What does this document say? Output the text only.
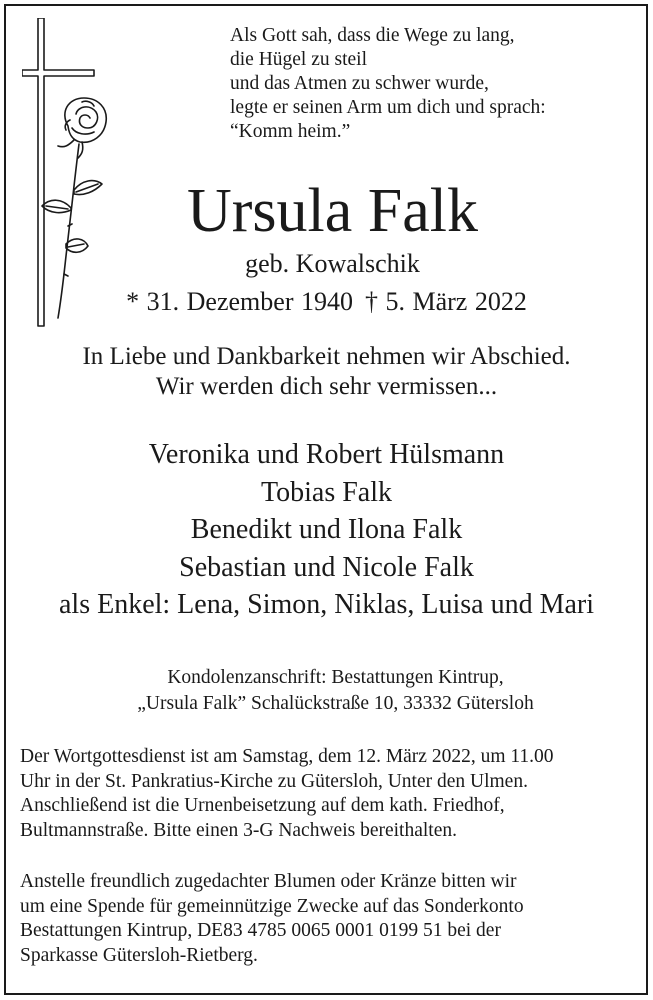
Als Gott sah, dass die Wege zu lang,
die Hügel zu steil
und das Atmen zu schwer wurde,
legte er seinen Arm um dich und sprach:
“Komm heim.”
Ursula Falk
geb. Kowalschik
* 31. Dezember 1940 † 5. März 2022
In Liebe und Dankbarkeit nehmen wir Abschied.
Wir werden dich sehr vermissen...
Veronika und Robert Hülsmann
Tobias Falk
Benedikt und Ilona Falk
Sebastian und Nicole Falk
als Enkel: Lena, Simon, Niklas, Luisa und Mari
Kondolenzanschrift: Bestattungen Kintrup,
„Ursula Falk” Schalückstraße 10, 33332 Gütersloh
Der Wortgottesdienst ist am Samstag, dem 12. März 2022, um 11.00
Uhr in der St. Pankratius-Kirche zu Gütersloh, Unter den Ulmen.
Anschließend ist die Urnenbeisetzung auf dem kath. Friedhof,
Bultmannstraße. Bitte einen 3-G Nachweis bereithalten.
Anstelle freundlich zugedachter Blumen oder Kränze bitten wir
um eine Spende für gemeinnützige Zwecke auf das Sonderkonto
Bestattungen Kintrup, DE83 4785 0065 0001 0199 51 bei der
Sparkasse Gütersloh-Rietberg.
